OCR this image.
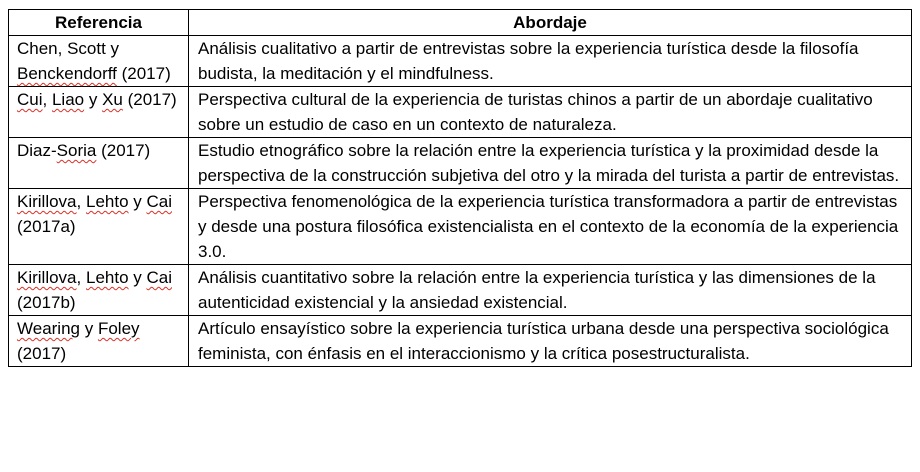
Referencia	Abordaje
Chen, Scott y Benckendorff (2017)	Análisis cualitativo a partir de entrevistas sobre la experiencia turística desde la filosofía budista, la meditación y el mindfulness.
Cui, Liao y Xu (2017)	Perspectiva cultural de la experiencia de turistas chinos a partir de un abordaje cualitativo sobre un estudio de caso en un contexto de naturaleza.
Diaz-Soria (2017)	Estudio etnográfico sobre la relación entre la experiencia turística y la proximidad desde la perspectiva de la construcción subjetiva del otro y la mirada del turista a partir de entrevistas.
Kirillova, Lehto y Cai (2017a)	Perspectiva fenomenológica de la experiencia turística transformadora a partir de entrevistas y desde una postura filosófica existencialista en el contexto de la economía de la experiencia 3.0.
Kirillova, Lehto y Cai (2017b)	Análisis cuantitativo sobre la relación entre la experiencia turística y las dimensiones de la autenticidad existencial y la ansiedad existencial.
Wearing y Foley (2017)	Artículo ensayístico sobre la experiencia turística urbana desde una perspectiva sociológica feminista, con énfasis en el interaccionismo y la crítica posestructuralista.
